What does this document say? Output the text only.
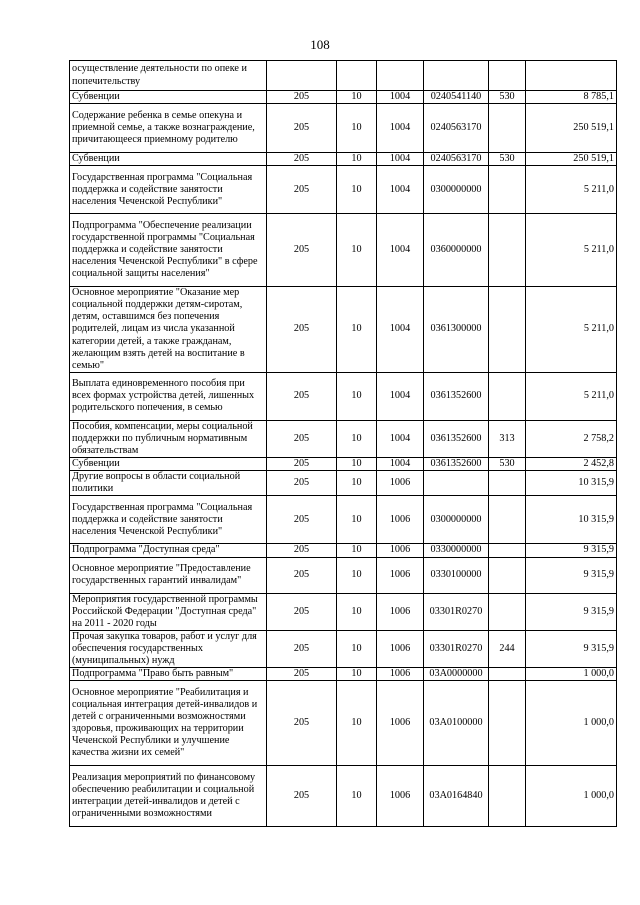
108
осуществление деятельности по опеке и попечительству						
Субвенции	205	10	1004	0240541140	530	8 785,1
Содержание ребенка в семье опекуна и приемной семье, а также вознаграждение, причитающееся приемному родителю	205	10	1004	0240563170		250 519,1
Субвенции	205	10	1004	0240563170	530	250 519,1
Государственная программа "Социальная поддержка и содействие занятости населения Чеченской Республики"	205	10	1004	0300000000		5 211,0
Подпрограмма "Обеспечение реализации государственной программы "Социальная поддержка и содействие занятости населения Чеченской Республики" в сфере социальной защиты населения"	205	10	1004	0360000000		5 211,0
Основное мероприятие "Оказание мер социальной поддержки детям-сиротам, детям, оставшимся без попечения родителей, лицам из числа указанной категории детей, а также гражданам, желающим взять детей на воспитание в семью"	205	10	1004	0361300000		5 211,0
Выплата единовременного пособия при всех формах устройства детей, лишенных родительского попечения, в семью	205	10	1004	0361352600		5 211,0
Пособия, компенсации, меры социальной поддержки по публичным нормативным обязательствам	205	10	1004	0361352600	313	2 758,2
Субвенции	205	10	1004	0361352600	530	2 452,8
Другие вопросы в области социальной политики	205	10	1006			10 315,9
Государственная программа "Социальная поддержка и содействие занятости населения Чеченской Республики"	205	10	1006	0300000000		10 315,9
Подпрограмма "Доступная среда"	205	10	1006	0330000000		9 315,9
Основное мероприятие "Предоставление государственных гарантий инвалидам"	205	10	1006	0330100000		9 315,9
Мероприятия государственной программы Российской Федерации "Доступная среда" на 2011 - 2020 годы	205	10	1006	03301R0270		9 315,9
Прочая закупка товаров, работ и услуг для обеспечения государственных (муниципальных) нужд	205	10	1006	03301R0270	244	9 315,9
Подпрограмма "Право быть равным"	205	10	1006	03А0000000		1 000,0
Основное мероприятие "Реабилитация и социальная интеграция детей-инвалидов и детей с ограниченными возможностями здоровья, проживающих на территории Чеченской Республики и улучшение качества жизни их семей"	205	10	1006	03А0100000		1 000,0
Реализация мероприятий по финансовому обеспечению реабилитации и социальной интеграции детей-инвалидов и детей с ограниченными возможностями	205	10	1006	03А0164840		1 000,0
